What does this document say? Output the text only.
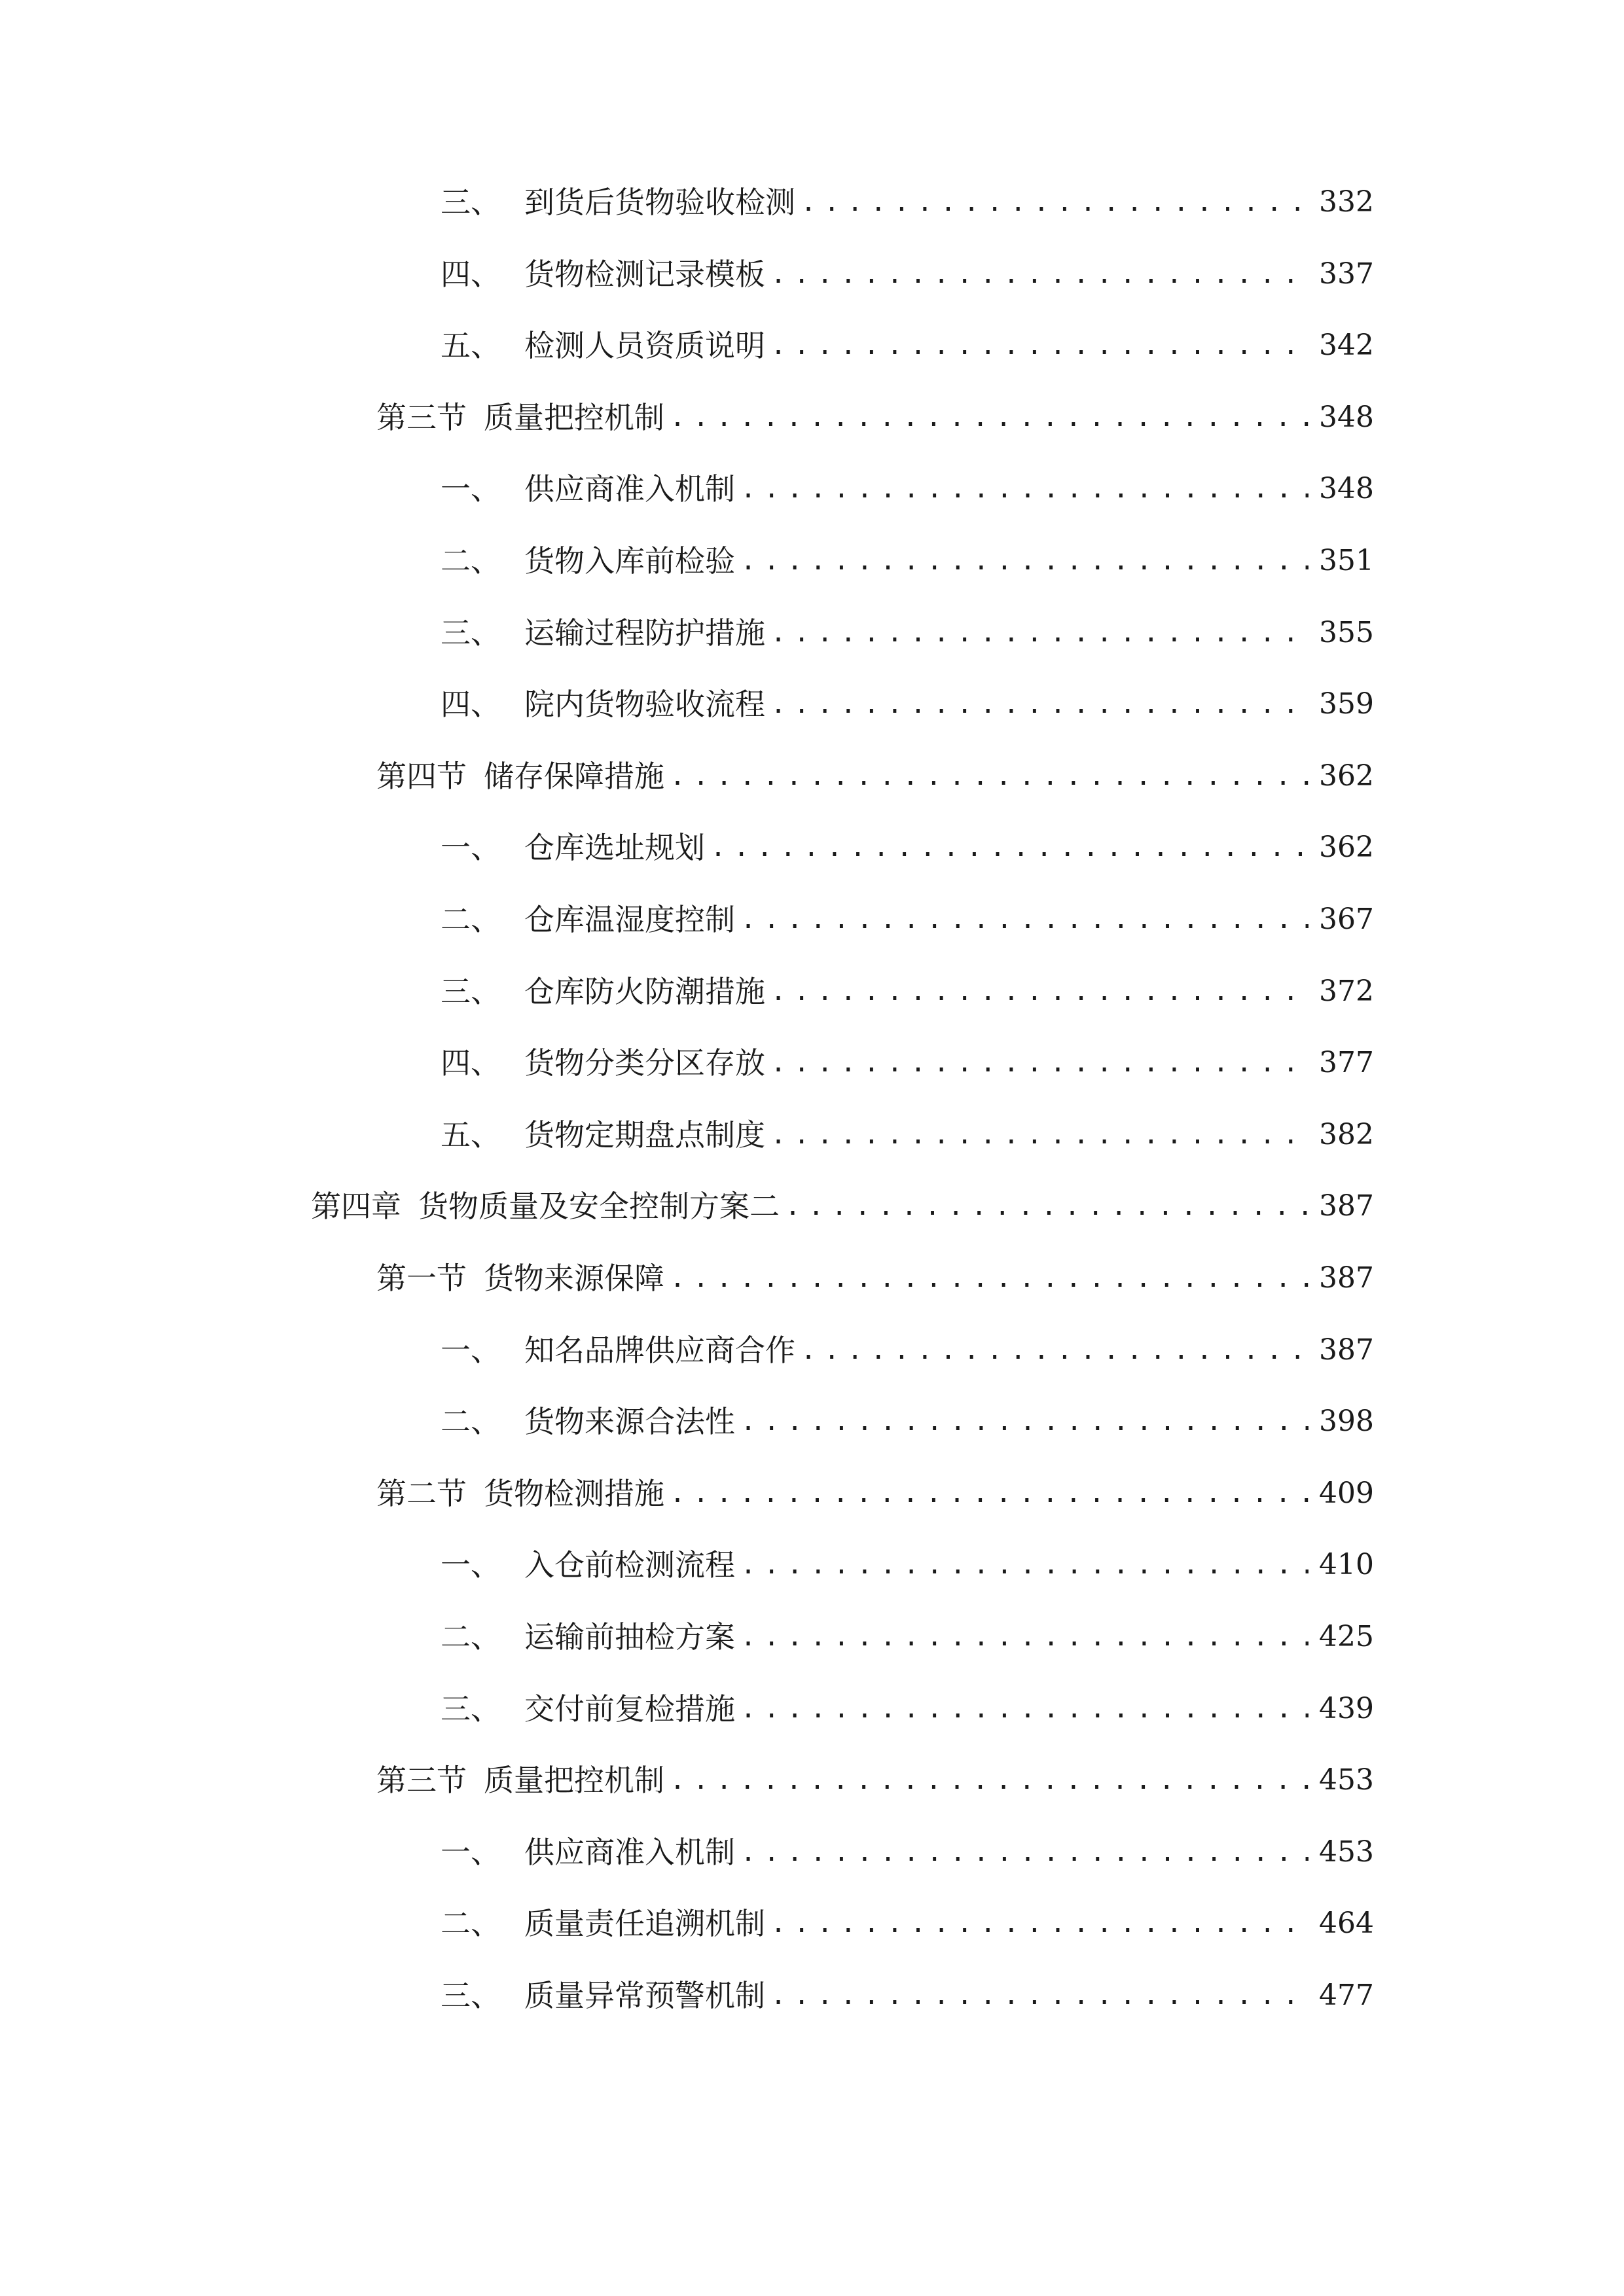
三、 到货后货物验收检测 .....	332
四、 货物检测记录模板 .....	337
五、 检测人员资质说明 .....	342
第三节 质量把控机制 .....	348
一、 供应商准入机制 .....	348
二、 货物入库前检验 .....	351
三、 运输过程防护措施 .....	355
四、 院内货物验收流程 .....	359
第四节 储存保障措施 .....	362
一、 仓库选址规划 .....	362
二、 仓库温湿度控制 .....	367
三、 仓库防火防潮措施 .....	372
四、 货物分类分区存放 .....	377
五、 货物定期盘点制度 .....	382
第四章 货物质量及安全控制方案二 .....	387
第一节 货物来源保障 .....	387
一、 知名品牌供应商合作 .....	387
二、 货物来源合法性 .....	398
第二节 货物检测措施 .....	409
一、 入仓前检测流程 .....	410
二、 运输前抽检方案 .....	425
三、 交付前复检措施 .....	439
第三节 质量把控机制 .....	453
一、 供应商准入机制 .....	453
二、 质量责任追溯机制 .....	464
三、 质量异常预警机制 .....	477
